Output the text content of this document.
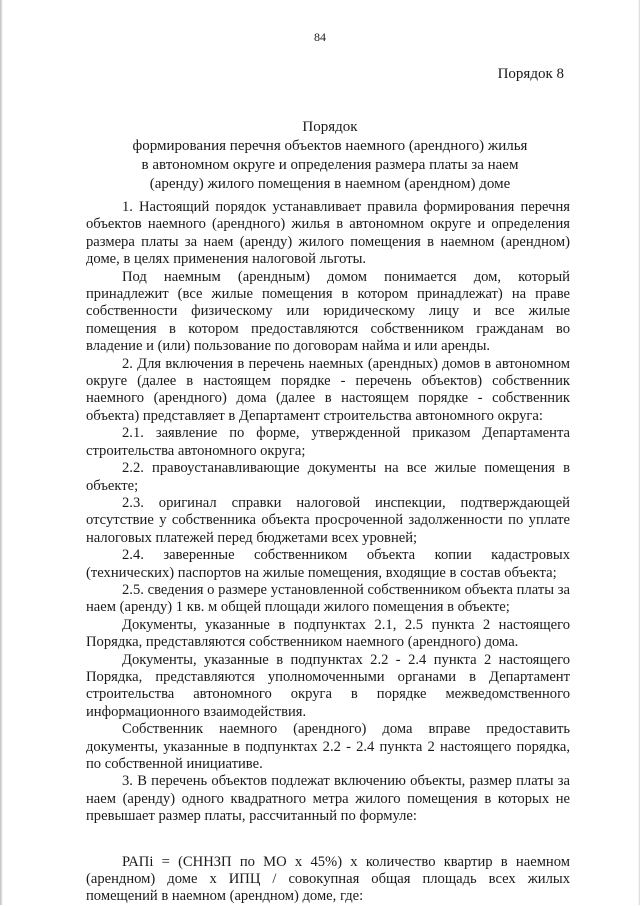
84
Порядок 8
Порядок
формирования перечня объектов наемного (арендного) жилья
в автономном округе и определения размера платы за наем
(аренду) жилого помещения в наемном (арендном) доме

1. Настоящий порядок устанавливает правила формирования перечня объектов наемного (арендного) жилья в автономном округе и определения размера платы за наем (аренду) жилого помещения в наемном (арендном) доме, в целях применения налоговой льготы.

Под наемным (арендным) домом понимается дом, который принадлежит (все жилые помещения в котором принадлежат) на праве собственности физическому или юридическому лицу и все жилые помещения в котором предоставляются собственником гражданам во владение и (или) пользование по договорам найма и или аренды.

2. Для включения в перечень наемных (арендных) домов в автономном округе (далее в настоящем порядке - перечень объектов) собственник наемного (арендного) дома (далее в настоящем порядке - собственник объекта) представляет в Департамент строительства автономного округа:

2.1. заявление по форме, утвержденной приказом Департамента строительства автономного округа;

2.2. правоустанавливающие документы на все жилые помещения в объекте;

2.3. оригинал справки налоговой инспекции, подтверждающей отсутствие у собственника объекта просроченной задолженности по уплате налоговых платежей перед бюджетами всех уровней;

2.4. заверенные собственником объекта копии кадастровых (технических) паспортов на жилые помещения, входящие в состав объекта;

2.5. сведения о размере установленной собственником объекта платы за наем (аренду) 1 кв. м общей площади жилого помещения в объекте;

Документы, указанные в подпунктах 2.1, 2.5 пункта 2 настоящего Порядка, представляются собственником наемного (арендного) дома.

Документы, указанные в подпунктах 2.2 - 2.4 пункта 2 настоящего Порядка, представляются уполномоченными органами в Департамент строительства автономного округа в порядке межведомственного информационного взаимодействия.

Собственник наемного (арендного) дома вправе предоставить документы, указанные в подпунктах 2.2 - 2.4 пункта 2 настоящего порядка, по собственной инициативе.

3. В перечень объектов подлежат включению объекты, размер платы за наем (аренду) одного квадратного метра жилого помещения в которых не превышает размер платы, рассчитанный по формуле:

РАПi = (СННЗП по МО х 45%) х количество квартир в наемном (арендном) доме х ИПЦ / совокупная общая площадь всех жилых помещений в наемном (арендном) доме, где:
